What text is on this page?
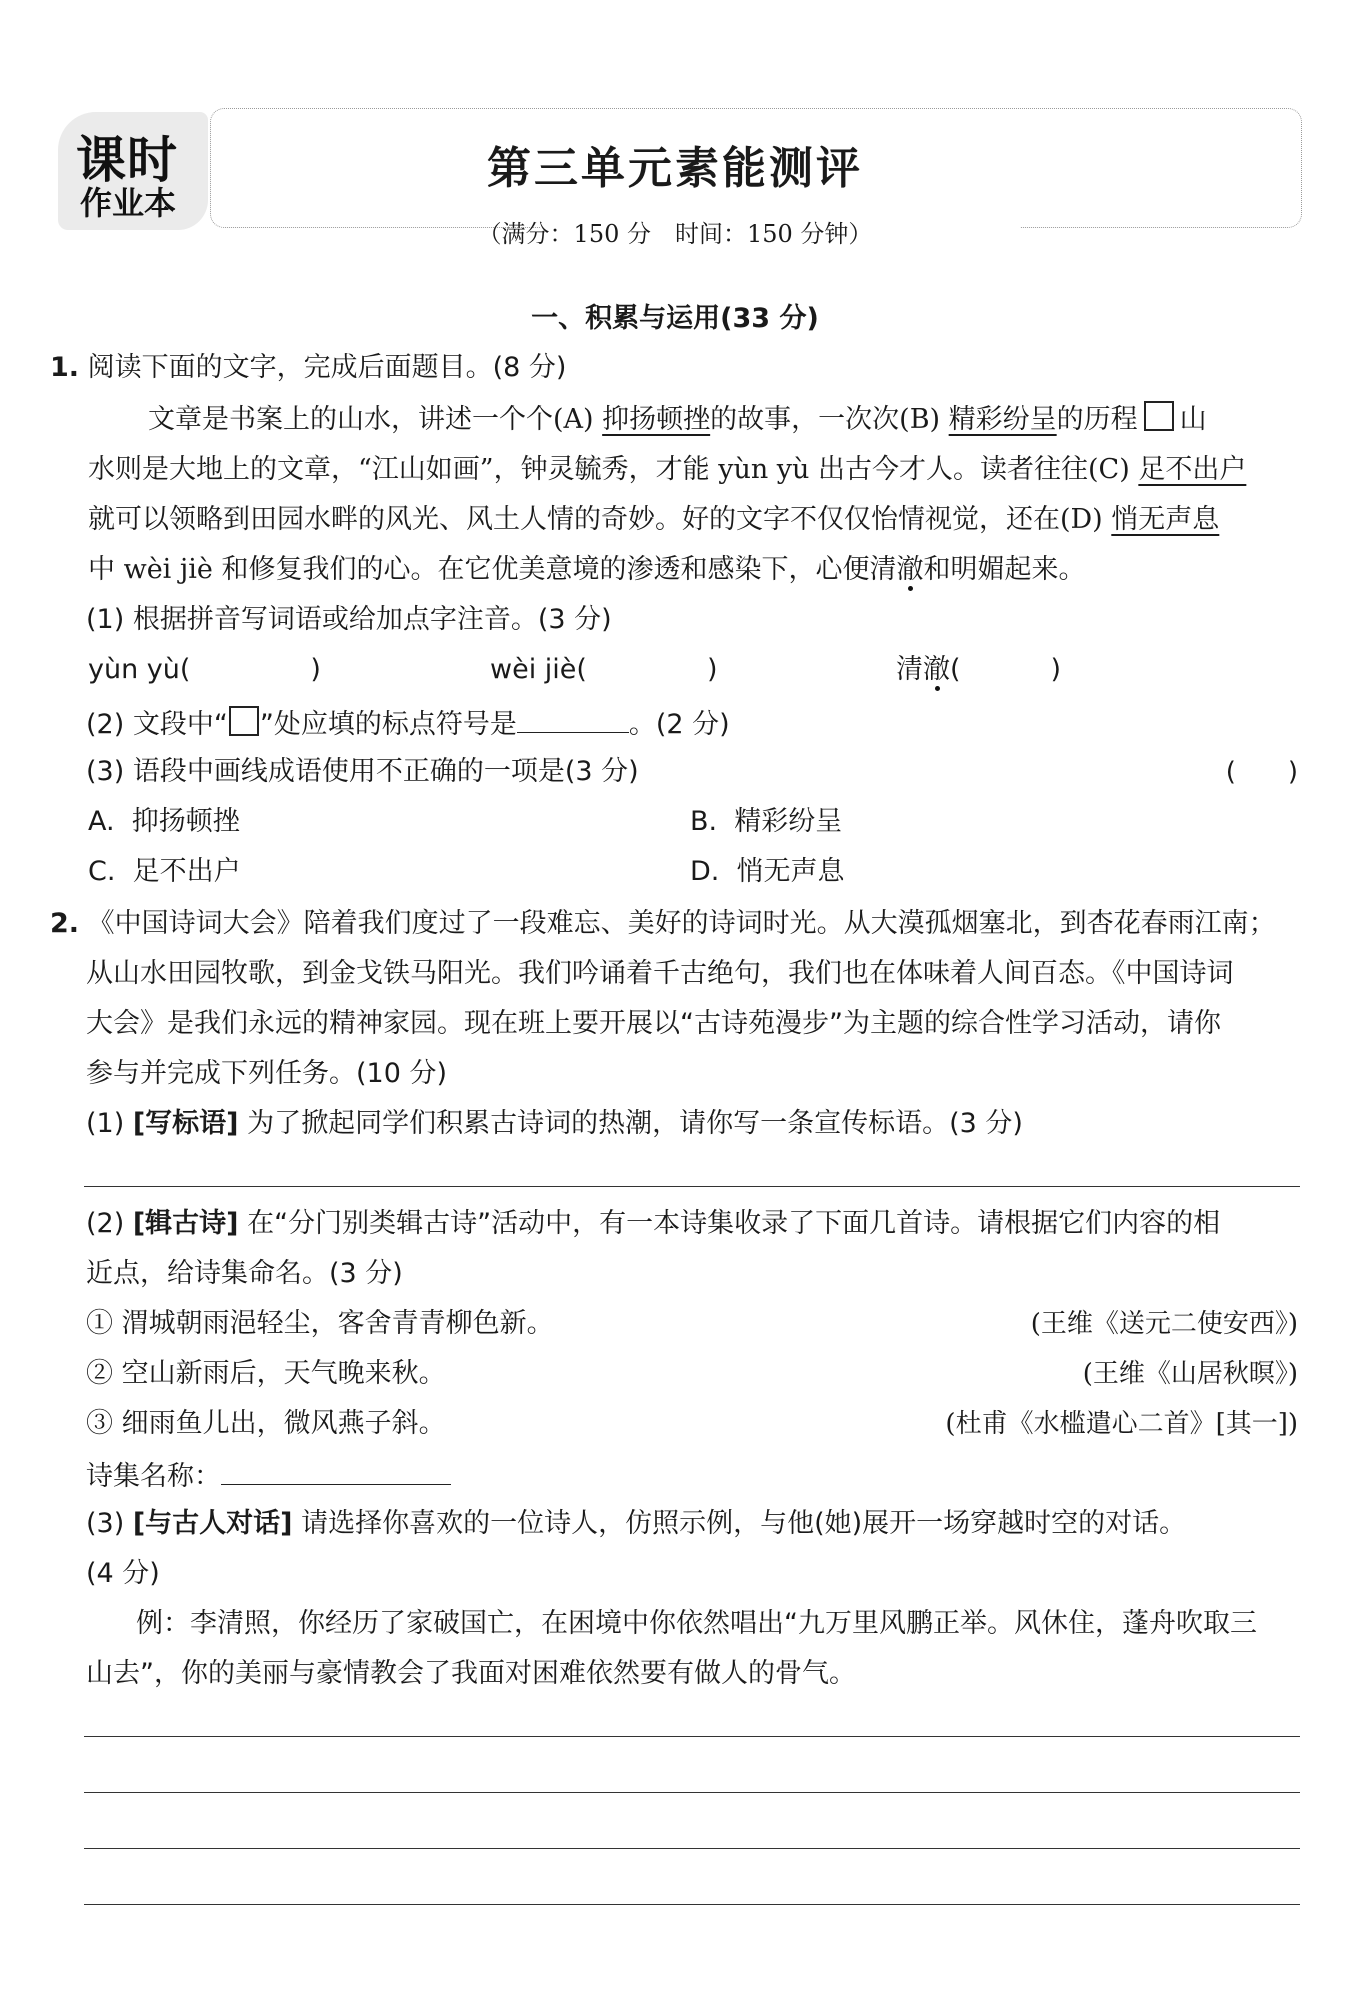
课时
作业本
第三单元素能测评
（满分：150 分　时间：150 分钟）
一、积累与运用(33 分)
1. 阅读下面的文字，完成后面题目。(8 分)
文章是书案上的山水，讲述一个个(A) 抑扬顿挫的故事，一次次(B) 精彩纷呈的历程 山
水则是大地上的文章，“江山如画”，钟灵毓秀，才能 yùn yù 出古今才人。读者往往(C) 足不出户
就可以领略到田园水畔的风光、风土人情的奇妙。好的文字不仅仅怡情视觉，还在(D) 悄无声息
中 wèi jiè 和修复我们的心。在它优美意境的渗透和感染下，心便清澈和明媚起来。
(1) 根据拼音写词语或给加点字注音。(3 分)
yùn yù(	)	wèi jiè(	)	清澈(	)
(2) 文段中“ ”处应填的标点符号是	。(2 分)
(3) 语段中画线成语使用不正确的一项是(3 分)	(　　)
A. 抑扬顿挫	B. 精彩纷呈
C. 足不出户	D. 悄无声息
2. 《中国诗词大会》陪着我们度过了一段难忘、美好的诗词时光。从大漠孤烟塞北，到杏花春雨江南；
从山水田园牧歌，到金戈铁马阳光。我们吟诵着千古绝句，我们也在体味着人间百态。《中国诗词
大会》是我们永远的精神家园。现在班上要开展以“古诗苑漫步”为主题的综合性学习活动，请你
参与并完成下列任务。(10 分)
(1) [写标语] 为了掀起同学们积累古诗词的热潮，请你写一条宣传标语。(3 分)
(2) [辑古诗] 在“分门别类辑古诗”活动中，有一本诗集收录了下面几首诗。请根据它们内容的相
近点，给诗集命名。(3 分)
① 渭城朝雨浥轻尘，客舍青青柳色新。	(王维《送元二使安西》)
② 空山新雨后，天气晚来秋。	(王维《山居秋暝》)
③ 细雨鱼儿出，微风燕子斜。	(杜甫《水槛遣心二首》[其一])
诗集名称：
(3) [与古人对话] 请选择你喜欢的一位诗人，仿照示例，与他(她)展开一场穿越时空的对话。
(4 分)
例：李清照，你经历了家破国亡，在困境中你依然唱出“九万里风鹏正举。风休住，蓬舟吹取三
山去”，你的美丽与豪情教会了我面对困难依然要有做人的骨气。
